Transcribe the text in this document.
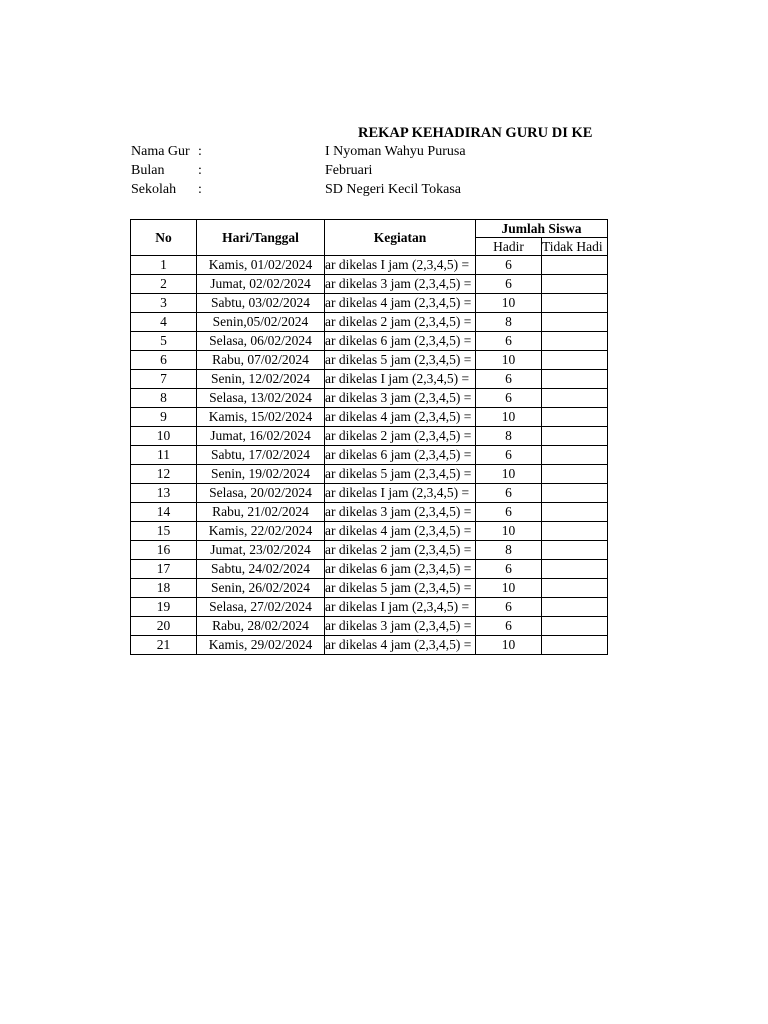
REKAP KEHADIRAN GURU DI KE
Nama Gur :	I Nyoman Wahyu Purusa
Bulan	:	Februari
Sekolah	:	SD Negeri Kecil Tokasa
No	Hari/Tanggal	Kegiatan	Jumlah Siswa	
			Hadir	Tidak Hadi
1	Kamis, 01/02/2024	ar dikelas I jam (2,3,4,5) =	6	
2	Jumat, 02/02/2024	ar dikelas 3 jam (2,3,4,5) =	6	
3	Sabtu, 03/02/2024	ar dikelas 4 jam (2,3,4,5) =	10	
4	Senin,05/02/2024	ar dikelas 2 jam (2,3,4,5) =	8	
5	Selasa, 06/02/2024	ar dikelas 6 jam (2,3,4,5) =	6	
6	Rabu, 07/02/2024	ar dikelas 5 jam (2,3,4,5) =	10	
7	Senin, 12/02/2024	ar dikelas I jam (2,3,4,5) =	6	
8	Selasa, 13/02/2024	ar dikelas 3 jam (2,3,4,5) =	6	
9	Kamis, 15/02/2024	ar dikelas 4 jam (2,3,4,5) =	10	
10	Jumat, 16/02/2024	ar dikelas 2 jam (2,3,4,5) =	8	
11	Sabtu, 17/02/2024	ar dikelas 6 jam (2,3,4,5) =	6	
12	Senin, 19/02/2024	ar dikelas 5 jam (2,3,4,5) =	10	
13	Selasa, 20/02/2024	ar dikelas I jam (2,3,4,5) =	6	
14	Rabu, 21/02/2024	ar dikelas 3 jam (2,3,4,5) =	6	
15	Kamis, 22/02/2024	ar dikelas 4 jam (2,3,4,5) =	10	
16	Jumat, 23/02/2024	ar dikelas 2 jam (2,3,4,5) =	8	
17	Sabtu, 24/02/2024	ar dikelas 6 jam (2,3,4,5) =	6	
18	Senin, 26/02/2024	ar dikelas 5 jam (2,3,4,5) =	10	
19	Selasa, 27/02/2024	ar dikelas I jam (2,3,4,5) =	6	
20	Rabu, 28/02/2024	ar dikelas 3 jam (2,3,4,5) =	6	
21	Kamis, 29/02/2024	ar dikelas 4 jam (2,3,4,5) =	10	
